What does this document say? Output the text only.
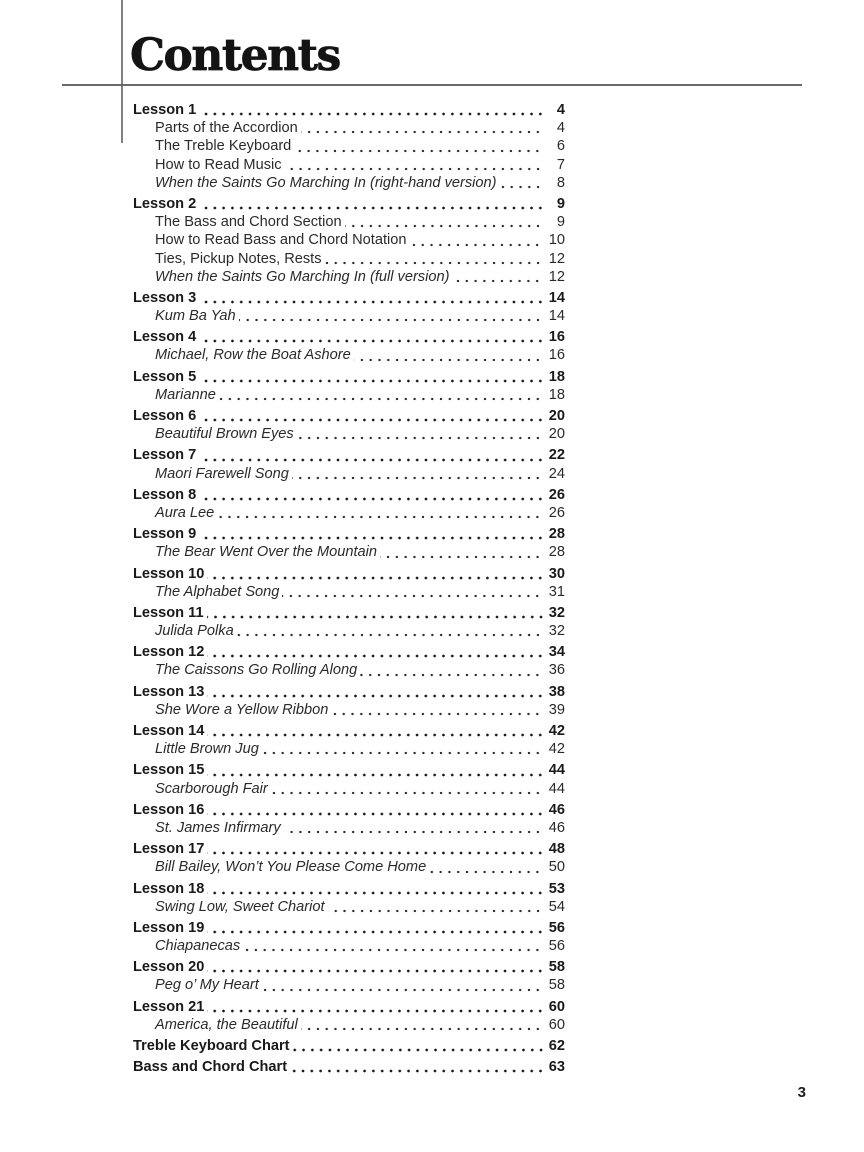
Contents
Lesson 1	4
Parts of the Accordion	4
The Treble Keyboard	6
How to Read Music	7
When the Saints Go Marching In (right-hand version)	8
Lesson 2	9
The Bass and Chord Section	9
How to Read Bass and Chord Notation	10
Ties, Pickup Notes, Rests	12
When the Saints Go Marching In (full version)	12
Lesson 3	14
Kum Ba Yah	14
Lesson 4	16
Michael, Row the Boat Ashore	16
Lesson 5	18
Marianne	18
Lesson 6	20
Beautiful Brown Eyes	20
Lesson 7	22
Maori Farewell Song	24
Lesson 8	26
Aura Lee	26
Lesson 9	28
The Bear Went Over the Mountain	28
Lesson 10	30
The Alphabet Song	31
Lesson 11	32
Julida Polka	32
Lesson 12	34
The Caissons Go Rolling Along	36
Lesson 13	38
She Wore a Yellow Ribbon	39
Lesson 14	42
Little Brown Jug	42
Lesson 15	44
Scarborough Fair	44
Lesson 16	46
St. James Infirmary	46
Lesson 17	48
Bill Bailey, Won’t You Please Come Home	50
Lesson 18	53
Swing Low, Sweet Chariot	54
Lesson 19	56
Chiapanecas	56
Lesson 20	58
Peg o’ My Heart	58
Lesson 21	60
America, the Beautiful	60
Treble Keyboard Chart	62
Bass and Chord Chart	63
3
